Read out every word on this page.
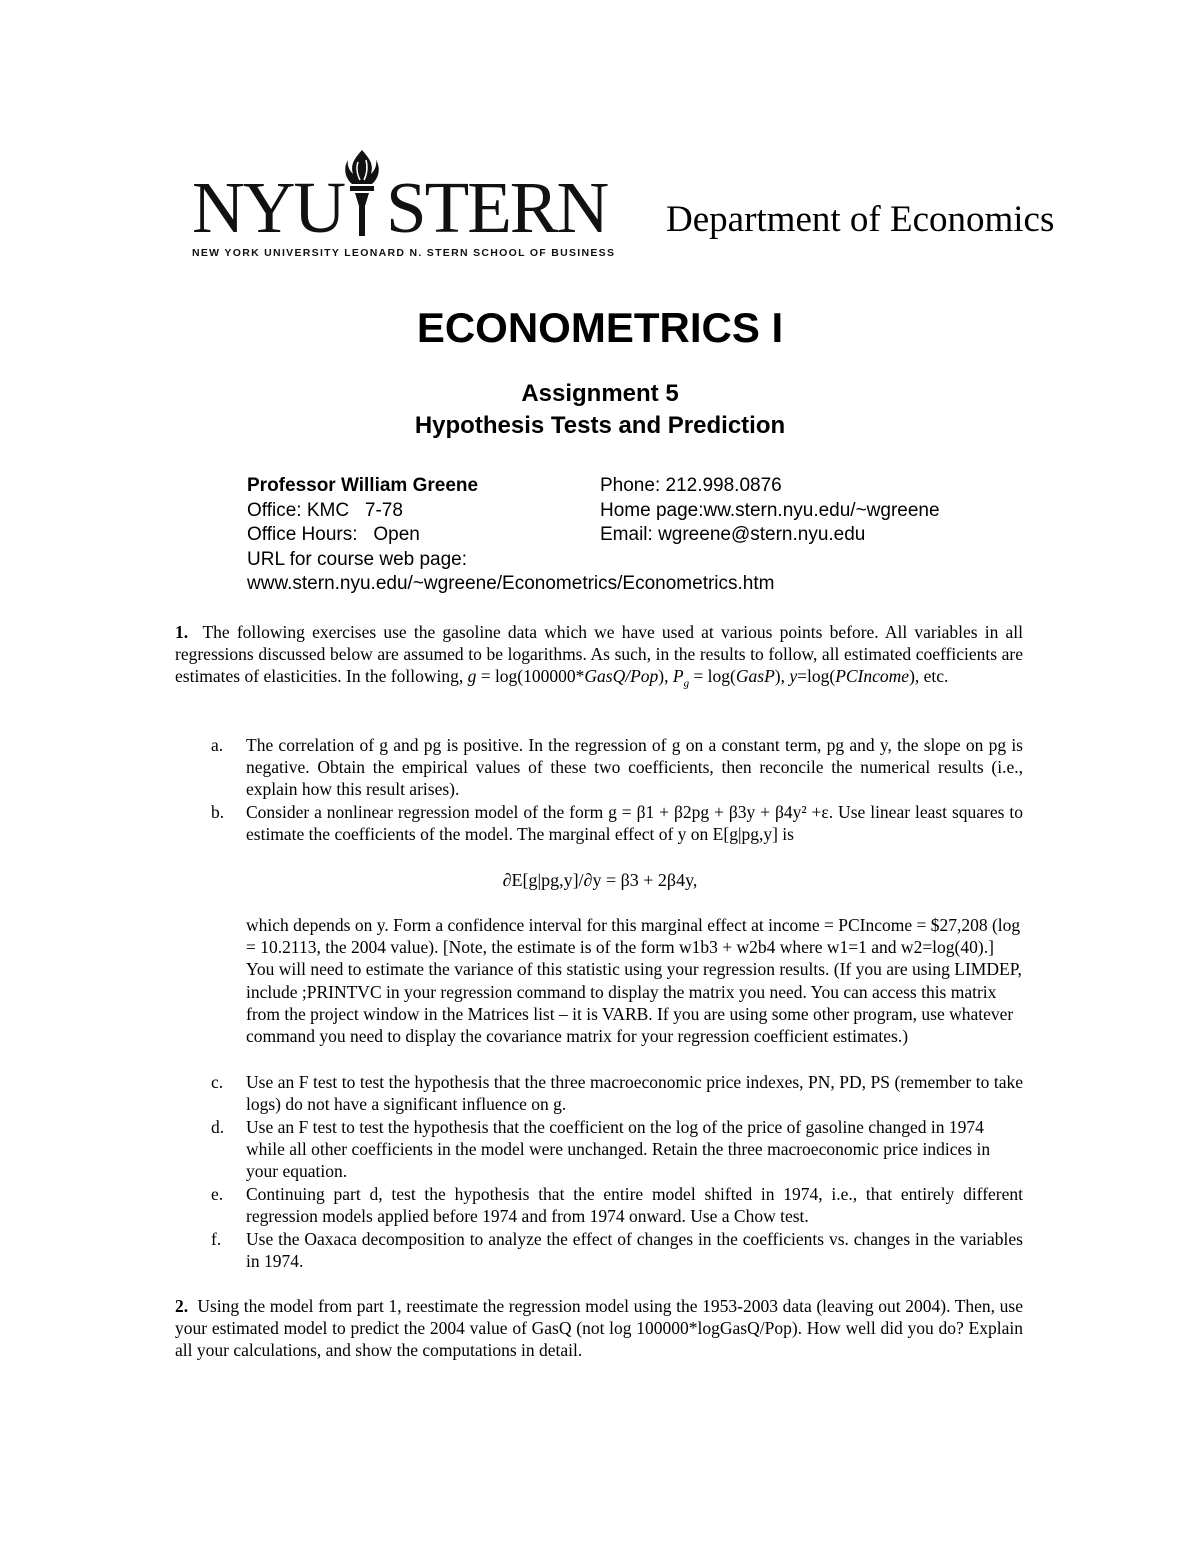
NYU STERN
NEW YORK UNIVERSITY LEONARD N. STERN SCHOOL OF BUSINESS
Department of Economics
ECONOMETRICS I
Assignment 5
Hypothesis Tests and Prediction
Professor William Greene
Office: KMC   7-78
Office Hours:   Open
URL for course web page:
www.stern.nyu.edu/~wgreene/Econometrics/Econometrics.htm
Phone: 212.998.0876
Home page:ww.stern.nyu.edu/~wgreene
Email: wgreene@stern.nyu.edu
1. The following exercises use the gasoline data which we have used at various points before. All variables in all regressions discussed below are assumed to be logarithms. As such, in the results to follow, all estimated coefficients are estimates of elasticities. In the following, g = log(100000*GasQ/Pop), $P_g$ = log(GasP), y=log(PCIncome), etc.
a. The correlation of g and pg is positive. In the regression of g on a constant term, pg and y, the slope on pg is negative. Obtain the empirical values of these two coefficients, then reconcile the numerical results (i.e., explain how this result arises).
b. Consider a nonlinear regression model of the form g = β1 + β2pg + β3y + β4y² +ε. Use linear least squares to estimate the coefficients of the model. The marginal effect of y on E[g|pg,y] is
∂E[g|pg,y]/∂y = β3 + 2β4y,
which depends on y. Form a confidence interval for this marginal effect at income = PCIncome = $27,208 (log = 10.2113, the 2004 value). [Note, the estimate is of the form w1b3 + w2b4 where w1=1 and w2=log(40).] You will need to estimate the variance of this statistic using your regression results. (If you are using LIMDEP, include ;PRINTVC in your regression command to display the matrix you need. You can access this matrix from the project window in the Matrices list – it is VARB. If you are using some other program, use whatever command you need to display the covariance matrix for your regression coefficient estimates.)
c. Use an F test to test the hypothesis that the three macroeconomic price indexes, PN, PD, PS (remember to take logs) do not have a significant influence on g.
d. Use an F test to test the hypothesis that the coefficient on the log of the price of gasoline changed in 1974 while all other coefficients in the model were unchanged. Retain the three macroeconomic price indices in your equation.
e. Continuing part d, test the hypothesis that the entire model shifted in 1974, i.e., that entirely different regression models applied before 1974 and from 1974 onward. Use a Chow test.
f. Use the Oaxaca decomposition to analyze the effect of changes in the coefficients vs. changes in the variables in 1974.
2. Using the model from part 1, reestimate the regression model using the 1953-2003 data (leaving out 2004). Then, use your estimated model to predict the 2004 value of GasQ (not log 100000*logGasQ/Pop). How well did you do? Explain all your calculations, and show the computations in detail.
